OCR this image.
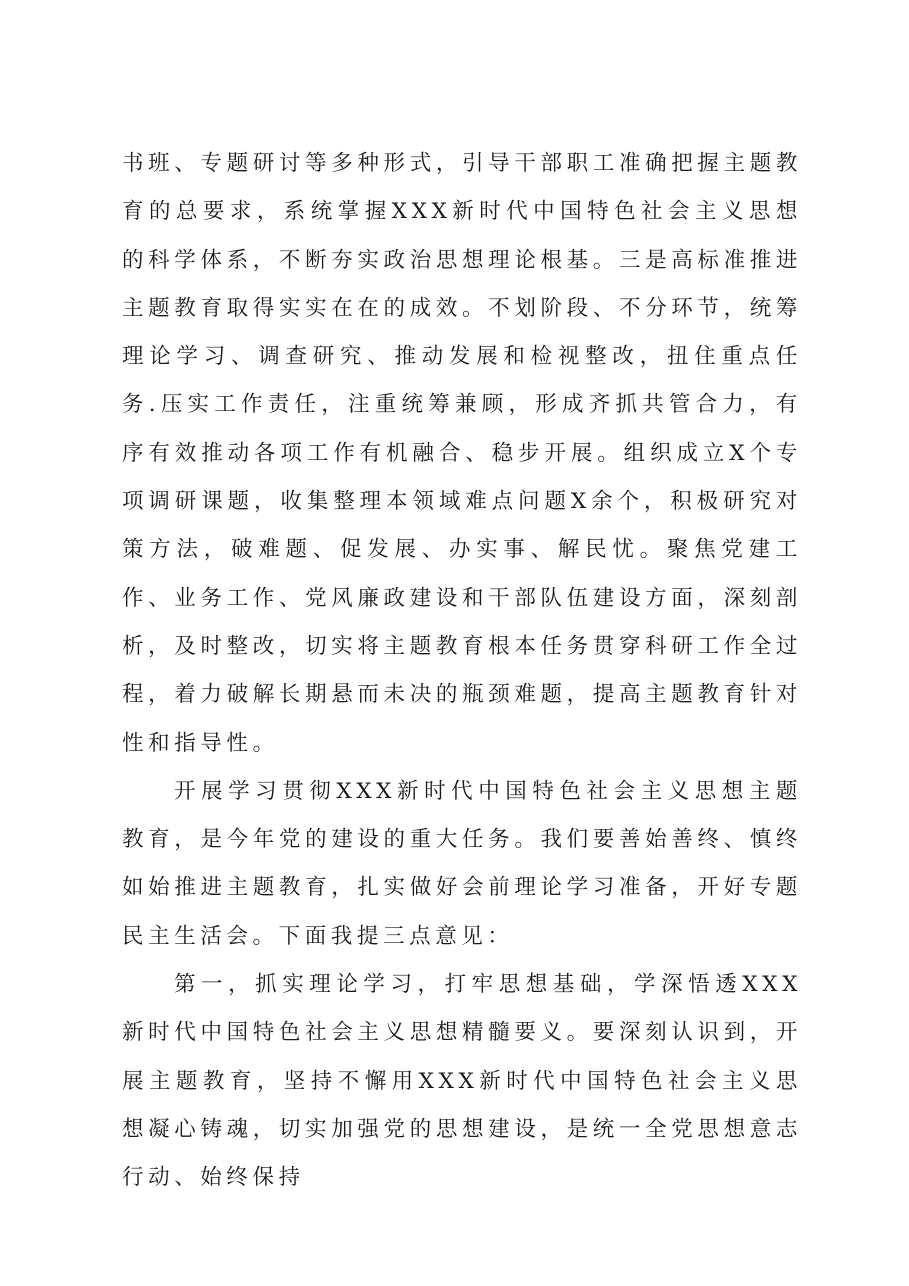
书班、专题研讨等多种形式，引导干部职工准确把握主题教育的总要求，系统掌握XXX新时代中国特色社会主义思想的科学体系，不断夯实政治思想理论根基。三是高标准推进主题教育取得实实在在的成效。不划阶段、不分环节，统筹理论学习、调查研究、推动发展和检视整改，扭住重点任务.压实工作责任，注重统筹兼顾，形成齐抓共管合力，有序有效推动各项工作有机融合、稳步开展。组织成立X个专项调研课题，收集整理本领域难点问题X余个，积极研究对策方法，破难题、促发展、办实事、解民忧。聚焦党建工作、业务工作、党风廉政建设和干部队伍建设方面，深刻剖析，及时整改，切实将主题教育根本任务贯穿科研工作全过程，着力破解长期悬而未决的瓶颈难题，提高主题教育针对性和指导性。

开展学习贯彻XXX新时代中国特色社会主义思想主题教育，是今年党的建设的重大任务。我们要善始善终、慎终如始推进主题教育，扎实做好会前理论学习准备，开好专题民主生活会。下面我提三点意见：

第一，抓实理论学习，打牢思想基础，学深悟透XXX新时代中国特色社会主义思想精髓要义。要深刻认识到，开展主题教育，坚持不懈用XXX新时代中国特色社会主义思想凝心铸魂，切实加强党的思想建设，是统一全党思想意志行动、始终保持
